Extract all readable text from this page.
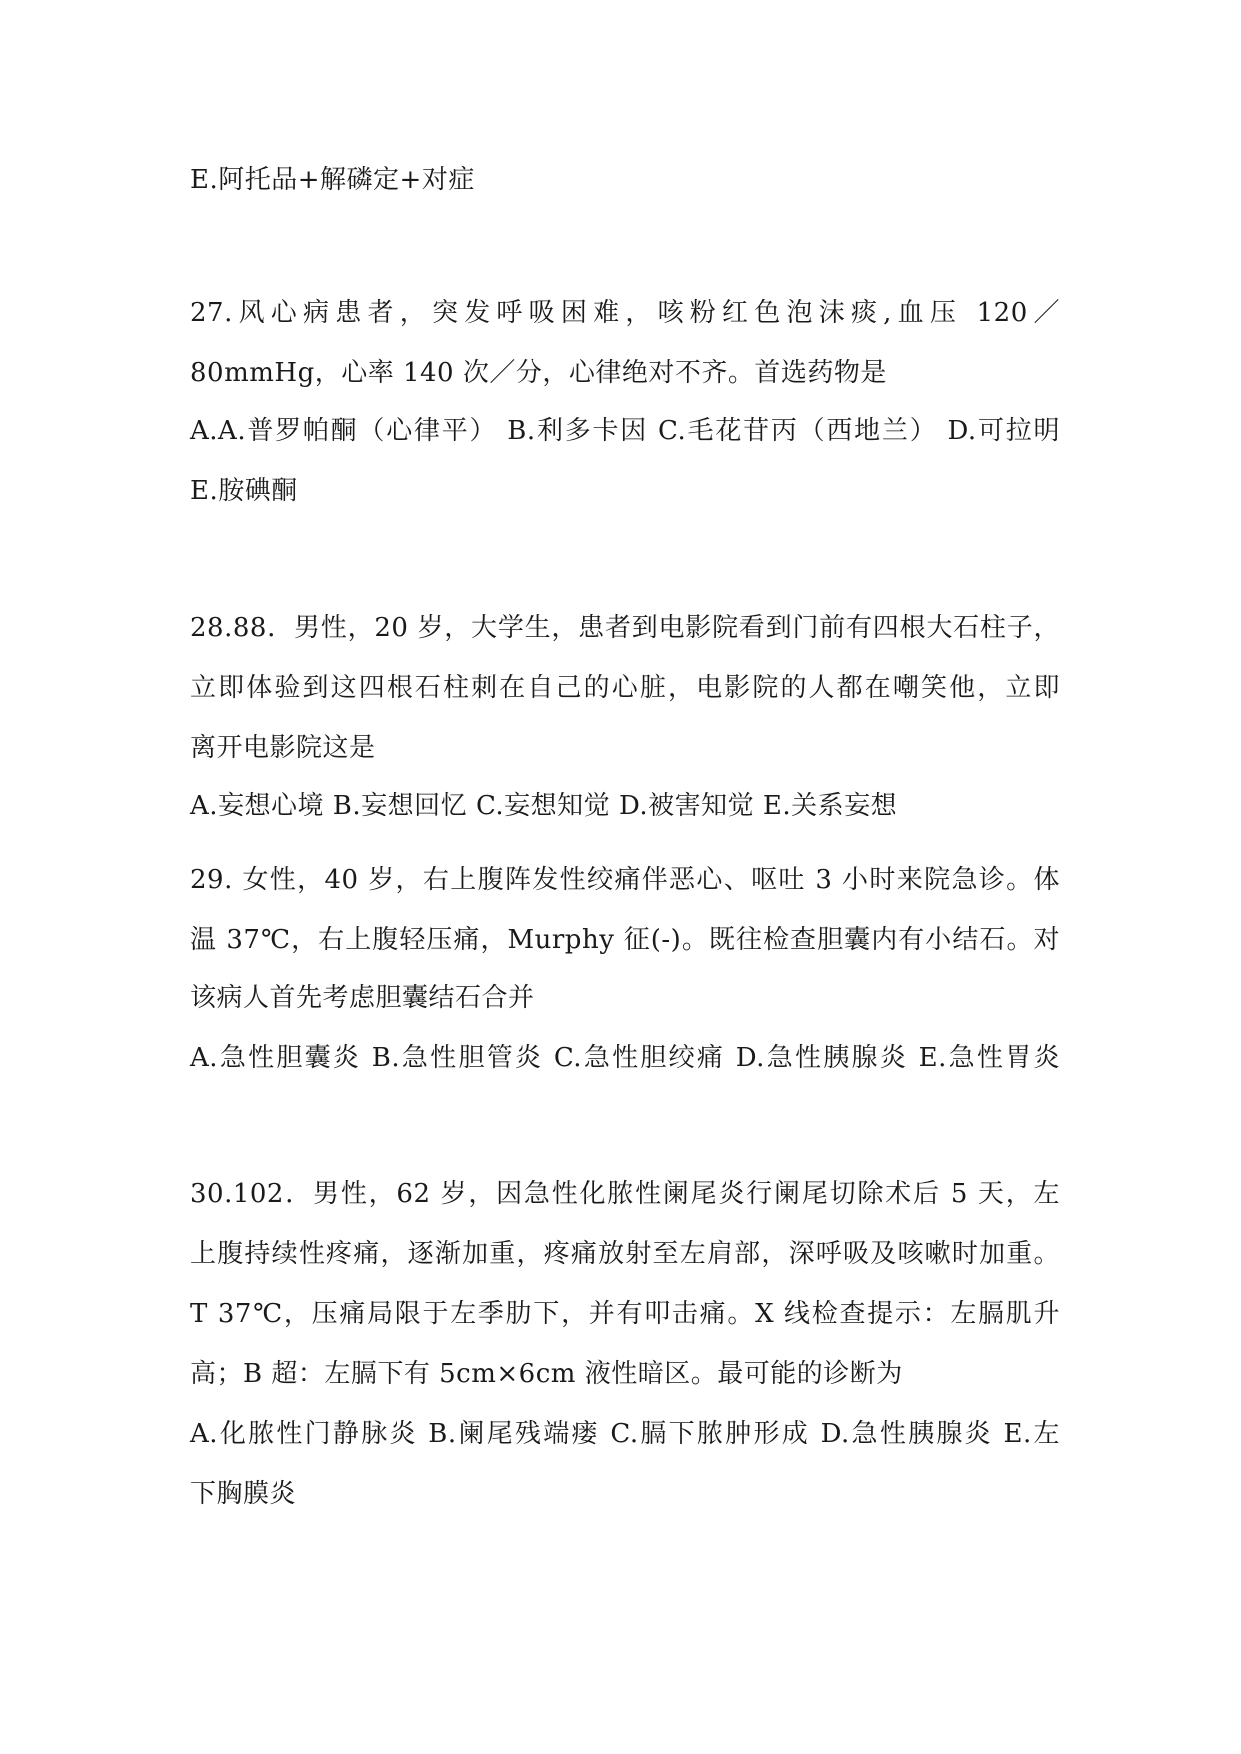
E.阿托品+解磷定+对症
27.风心病患者，突发呼吸困难，咳粉红色泡沫痰,血压 120／
80mmHg，心率 140 次／分，心律绝对不齐。首选药物是
A.A.普罗帕酮（心律平） B.利多卡因 C.毛花苷丙（西地兰） D.可拉明
E.胺碘酮
28.88．男性，20 岁，大学生，患者到电影院看到门前有四根大石柱子，
立即体验到这四根石柱刺在自己的心脏，电影院的人都在嘲笑他，立即
离开电影院这是
A.妄想心境 B.妄想回忆 C.妄想知觉 D.被害知觉 E.关系妄想
29. 女性，40 岁，右上腹阵发性绞痛伴恶心、呕吐 3 小时来院急诊。体
温 37℃，右上腹轻压痛，Murphy 征(-)。既往检查胆囊内有小结石。对
该病人首先考虑胆囊结石合并
A.急性胆囊炎 B.急性胆管炎 C.急性胆绞痛 D.急性胰腺炎 E.急性胃炎
30.102．男性，62 岁，因急性化脓性阑尾炎行阑尾切除术后 5 天，左
上腹持续性疼痛，逐渐加重，疼痛放射至左肩部，深呼吸及咳嗽时加重。
T 37℃，压痛局限于左季肋下，并有叩击痛。X 线检查提示：左膈肌升
高；B 超：左膈下有 5cm×6cm 液性暗区。最可能的诊断为
A.化脓性门静脉炎 B.阑尾残端瘘 C.膈下脓肿形成 D.急性胰腺炎 E.左
下胸膜炎
